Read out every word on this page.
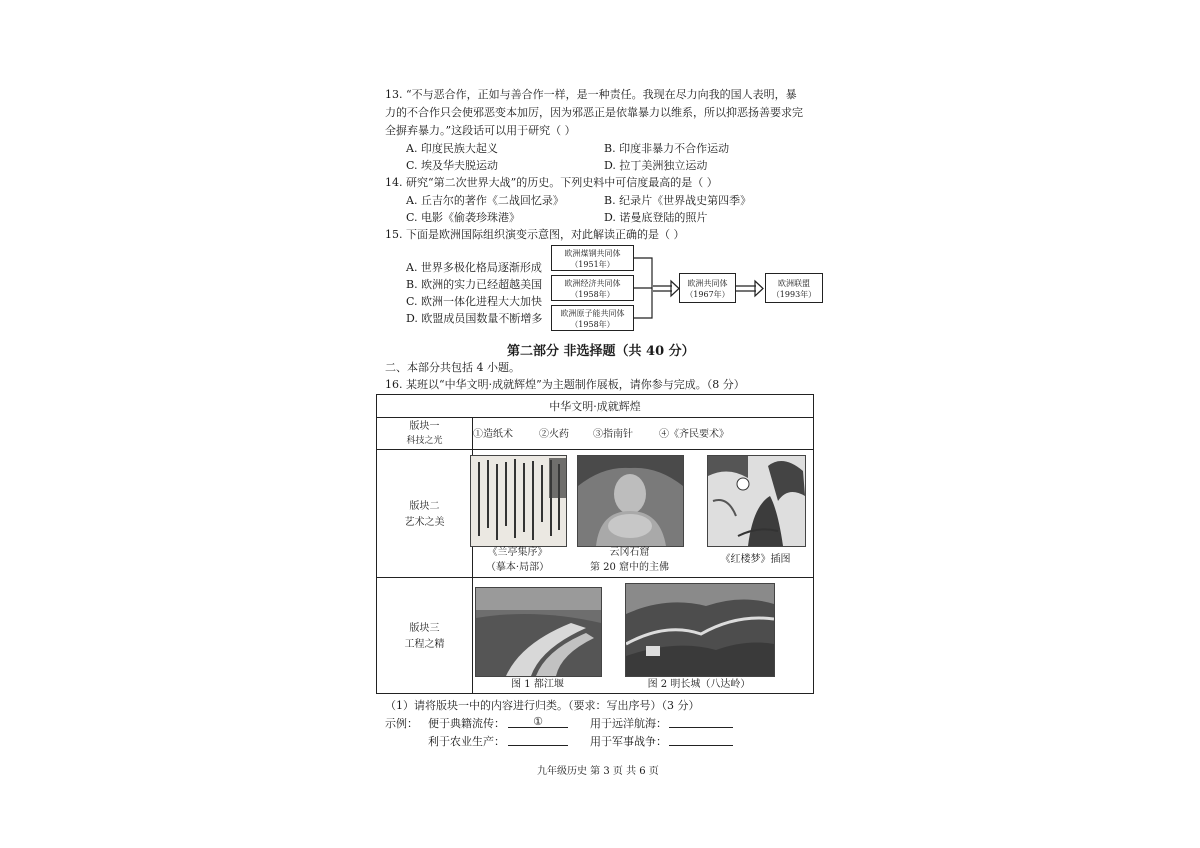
13. “不与恶合作，正如与善合作一样，是一种责任。我现在尽力向我的国人表明，暴
力的不合作只会使邪恶变本加厉，因为邪恶正是依靠暴力以维系，所以抑恶扬善要求完
全摒弃暴力。”这段话可以用于研究（ ）
A. 印度民族大起义	B. 印度非暴力不合作运动
C. 埃及华夫脱运动	D. 拉丁美洲独立运动
14. 研究“第二次世界大战”的历史。下列史料中可信度最高的是（ ）
A. 丘吉尔的著作《二战回忆录》	B. 纪录片《世界战史第四季》
C. 电影《偷袭珍珠港》	D. 诺曼底登陆的照片
15. 下面是欧洲国际组织演变示意图，对此解读正确的是（ ）
A. 世界多极化格局逐渐形成
B. 欧洲的实力已经超越美国
C. 欧洲一体化进程大大加快
D. 欧盟成员国数量不断增多
欧洲煤钢共同体
（1951年）
欧洲经济共同体
（1958年）
欧洲原子能共同体
（1958年）
欧洲共同体
（1967年）
欧洲联盟
（1993年）
第二部分 非选择题（共 40 分）
二、本部分共包括 4 小题。
16. 某班以“中华文明·成就辉煌”为主题制作展板，请你参与完成。（8 分）
中华文明·成就辉煌
版块一
科技之光
①造纸术	②火药 ③指南针	④《齐民要术》
版块二
艺术之美
《兰亭集序》
（摹本·局部）
云冈石窟
第 20 窟中的主佛
《红楼梦》插图
版块三
工程之精
图 1 都江堰	图 2 明长城（八达岭）
（1）请将版块一中的内容进行归类。（要求：写出序号）（3 分）
示例： 便于典籍流传：	①	用于远洋航海：
利于农业生产：	用于军事战争：
九年级历史 第 3 页 共 6 页
